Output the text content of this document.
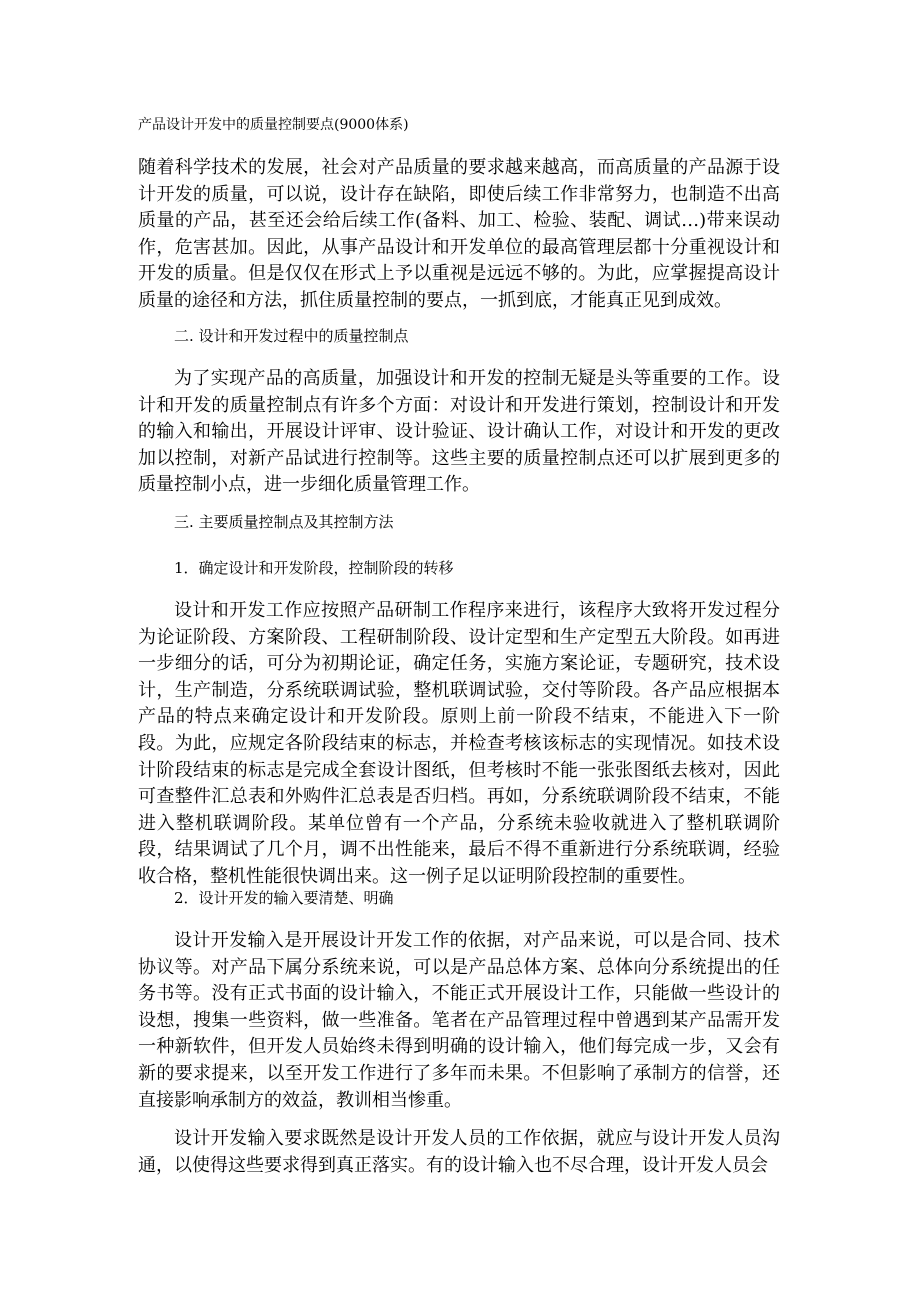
产品设计开发中的质量控制要点(9000体系)

随着科学技术的发展，社会对产品质量的要求越来越高，而高质量的产品源于设计开发的质量，可以说，设计存在缺陷，即使后续工作非常努力，也制造不出高质量的产品，甚至还会给后续工作(备料、加工、检验、装配、调试…)带来误动作，危害甚加。因此，从事产品设计和开发单位的最高管理层都十分重视设计和开发的质量。但是仅仅在形式上予以重视是远远不够的。为此，应掌握提高设计质量的途径和方法，抓住质量控制的要点，一抓到底，才能真正见到成效。

二. 设计和开发过程中的质量控制点

为了实现产品的高质量，加强设计和开发的控制无疑是头等重要的工作。设计和开发的质量控制点有许多个方面：对设计和开发进行策划，控制设计和开发的输入和输出，开展设计评审、设计验证、设计确认工作，对设计和开发的更改加以控制，对新产品试进行控制等。这些主要的质量控制点还可以扩展到更多的质量控制小点，进一步细化质量管理工作。

三. 主要质量控制点及其控制方法

1．确定设计和开发阶段，控制阶段的转移

设计和开发工作应按照产品研制工作程序来进行，该程序大致将开发过程分为论证阶段、方案阶段、工程研制阶段、设计定型和生产定型五大阶段。如再进一步细分的话，可分为初期论证，确定任务，实施方案论证，专题研究，技术设计，生产制造，分系统联调试验，整机联调试验，交付等阶段。各产品应根据本产品的特点来确定设计和开发阶段。原则上前一阶段不结束，不能进入下一阶段。为此，应规定各阶段结束的标志，并检查考核该标志的实现情况。如技术设计阶段结束的标志是完成全套设计图纸，但考核时不能一张张图纸去核对，因此可查整件汇总表和外购件汇总表是否归档。再如，分系统联调阶段不结束，不能进入整机联调阶段。某单位曾有一个产品，分系统未验收就进入了整机联调阶段，结果调试了几个月，调不出性能来，最后不得不重新进行分系统联调，经验收合格，整机性能很快调出来。这一例子足以证明阶段控制的重要性。

2．设计开发的输入要清楚、明确

设计开发输入是开展设计开发工作的依据，对产品来说，可以是合同、技术协议等。对产品下属分系统来说，可以是产品总体方案、总体向分系统提出的任务书等。没有正式书面的设计输入，不能正式开展设计工作，只能做一些设计的设想，搜集一些资料，做一些准备。笔者在产品管理过程中曾遇到某产品需开发一种新软件，但开发人员始终未得到明确的设计输入，他们每完成一步，又会有新的要求提来，以至开发工作进行了多年而未果。不但影响了承制方的信誉，还直接影响承制方的效益，教训相当惨重。

设计开发输入要求既然是设计开发人员的工作依据，就应与设计开发人员沟通，以使得这些要求得到真正落实。有的设计输入也不尽合理，设计开发人员会
